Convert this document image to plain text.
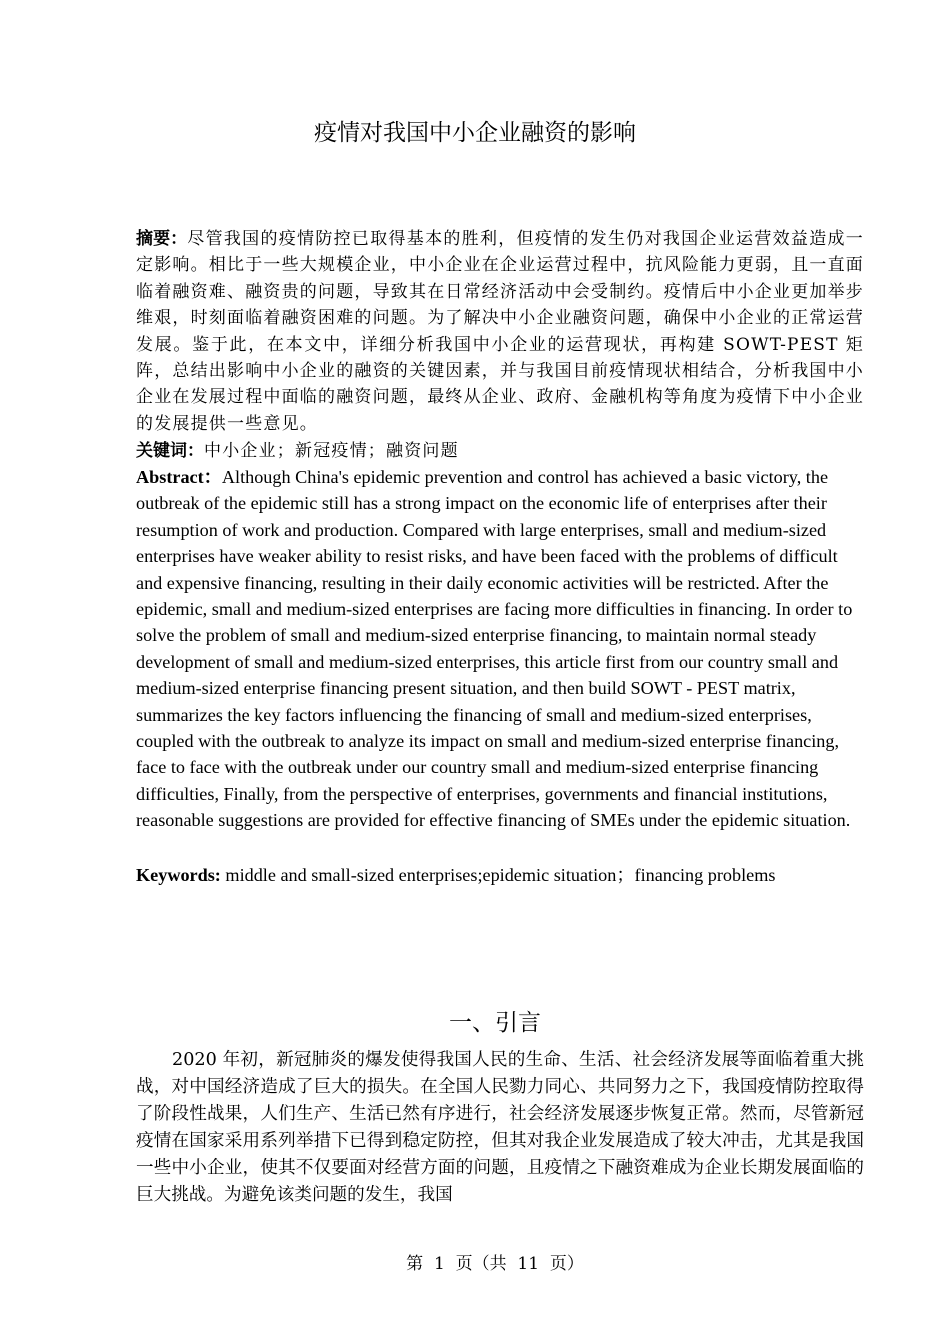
疫情对我国中小企业融资的影响
摘要：尽管我国的疫情防控已取得基本的胜利，但疫情的发生仍对我国企业运营效益造成一定影响。相比于一些大规模企业，中小企业在企业运营过程中，抗风险能力更弱，且一直面临着融资难、融资贵的问题，导致其在日常经济活动中会受制约。疫情后中小企业更加举步维艰，时刻面临着融资困难的问题。为了解决中小企业融资问题，确保中小企业的正常运营发展。鉴于此，在本文中，详细分析我国中小企业的运营现状，再构建 SOWT-PEST 矩阵，总结出影响中小企业的融资的关键因素，并与我国目前疫情现状相结合，分析我国中小企业在发展过程中面临的融资问题，最终从企业、政府、金融机构等角度为疫情下中小企业的发展提供一些意见。
关键词：中小企业；新冠疫情；融资问题
Abstract：Although China's epidemic prevention and control has achieved a basic victory, the outbreak of the epidemic still has a strong impact on the economic life of enterprises after their resumption of work and production. Compared with large enterprises, small and medium-sized enterprises have weaker ability to resist risks, and have been faced with the problems of difficult and expensive financing, resulting in their daily economic activities will be restricted. After the epidemic, small and medium-sized enterprises are facing more difficulties in financing. In order to solve the problem of small and medium-sized enterprise financing, to maintain normal steady development of small and medium-sized enterprises, this article first from our country small and medium-sized enterprise financing present situation, and then build SOWT - PEST matrix, summarizes the key factors influencing the financing of small and medium-sized enterprises, coupled with the outbreak to analyze its impact on small and medium-sized enterprise financing, face to face with the outbreak under our country small and medium-sized enterprise financing difficulties, Finally, from the perspective of enterprises, governments and financial institutions, reasonable suggestions are provided for effective financing of SMEs under the epidemic situation.
Keywords: middle and small-sized enterprises;epidemic situation；financing problems
一、引言
2020 年初，新冠肺炎的爆发使得我国人民的生命、生活、社会经济发展等面临着重大挑战，对中国经济造成了巨大的损失。在全国人民勠力同心、共同努力之下，我国疫情防控取得了阶段性战果，人们生产、生活已然有序进行，社会经济发展逐步恢复正常。然而，尽管新冠疫情在国家采用系列举措下已得到稳定防控，但其对我企业发展造成了较大冲击，尤其是我国一些中小企业，使其不仅要面对经营方面的问题，且疫情之下融资难成为企业长期发展面临的巨大挑战。为避免该类问题的发生，我国
第  1  页（共  11  页）
